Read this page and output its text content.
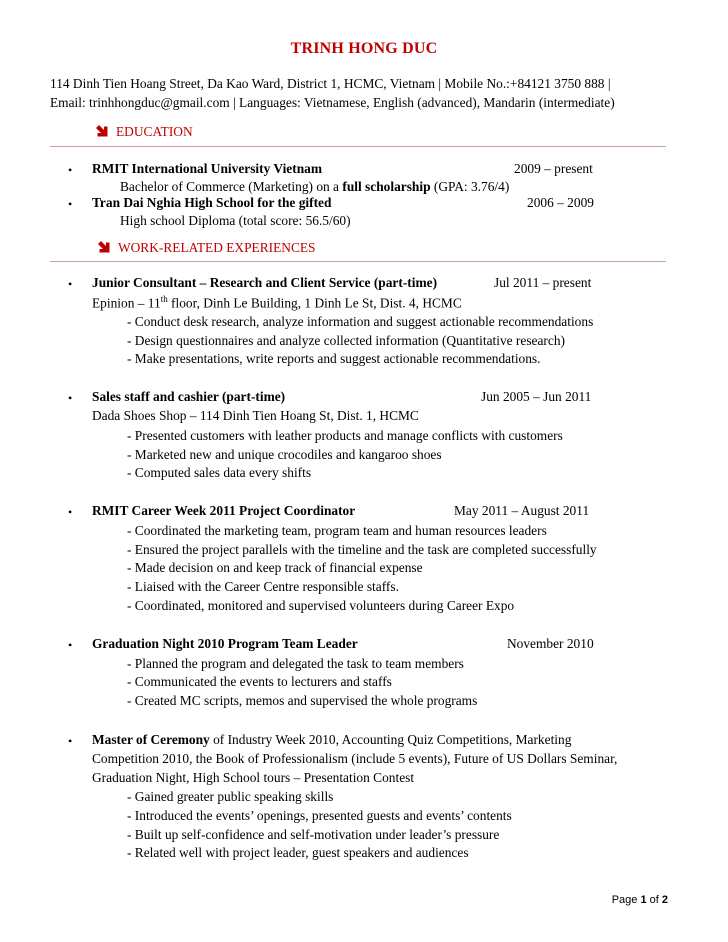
TRINH HONG DUC
114 Dinh Tien Hoang Street, Da Kao Ward, District 1, HCMC, Vietnam | Mobile No.:+84121 3750 888 |
Email: trinhhongduc@gmail.com | Languages: Vietnamese, English (advanced), Mandarin (intermediate)
EDUCATION
• RMIT International University Vietnam	2009 – present
Bachelor of Commerce (Marketing) on a full scholarship (GPA: 3.76/4)
• Tran Dai Nghia High School for the gifted	2006 – 2009
High school Diploma (total score: 56.5/60)
WORK-RELATED EXPERIENCES
• Junior Consultant – Research and Client Service (part-time)	Jul 2011 – present
Epinion – 11th floor, Dinh Le Building, 1 Dinh Le St, Dist. 4, HCMC
- Conduct desk research, analyze information and suggest actionable recommendations
- Design questionnaires and analyze collected information (Quantitative research)
- Make presentations, write reports and suggest actionable recommendations.
• Sales staff and cashier (part-time)	Jun 2005 – Jun 2011
Dada Shoes Shop – 114 Dinh Tien Hoang St, Dist. 1, HCMC
- Presented customers with leather products and manage conflicts with customers
- Marketed new and unique crocodiles and kangaroo shoes
- Computed sales data every shifts
• RMIT Career Week 2011 Project Coordinator	May 2011 – August 2011
- Coordinated the marketing team, program team and human resources leaders
- Ensured the project parallels with the timeline and the task are completed successfully
- Made decision on and keep track of financial expense
- Liaised with the Career Centre responsible staffs.
- Coordinated, monitored and supervised volunteers during Career Expo
• Graduation Night 2010 Program Team Leader	November 2010
- Planned the program and delegated the task to team members
- Communicated the events to lecturers and staffs
- Created MC scripts, memos and supervised the whole programs
• Master of Ceremony of Industry Week 2010, Accounting Quiz Competitions, Marketing
Competition 2010, the Book of Professionalism (include 5 events), Future of US Dollars Seminar,
Graduation Night, High School tours – Presentation Contest
- Gained greater public speaking skills
- Introduced the events’ openings, presented guests and events’ contents
- Built up self-confidence and self-motivation under leader’s pressure
- Related well with project leader, guest speakers and audiences
Page 1 of 2
